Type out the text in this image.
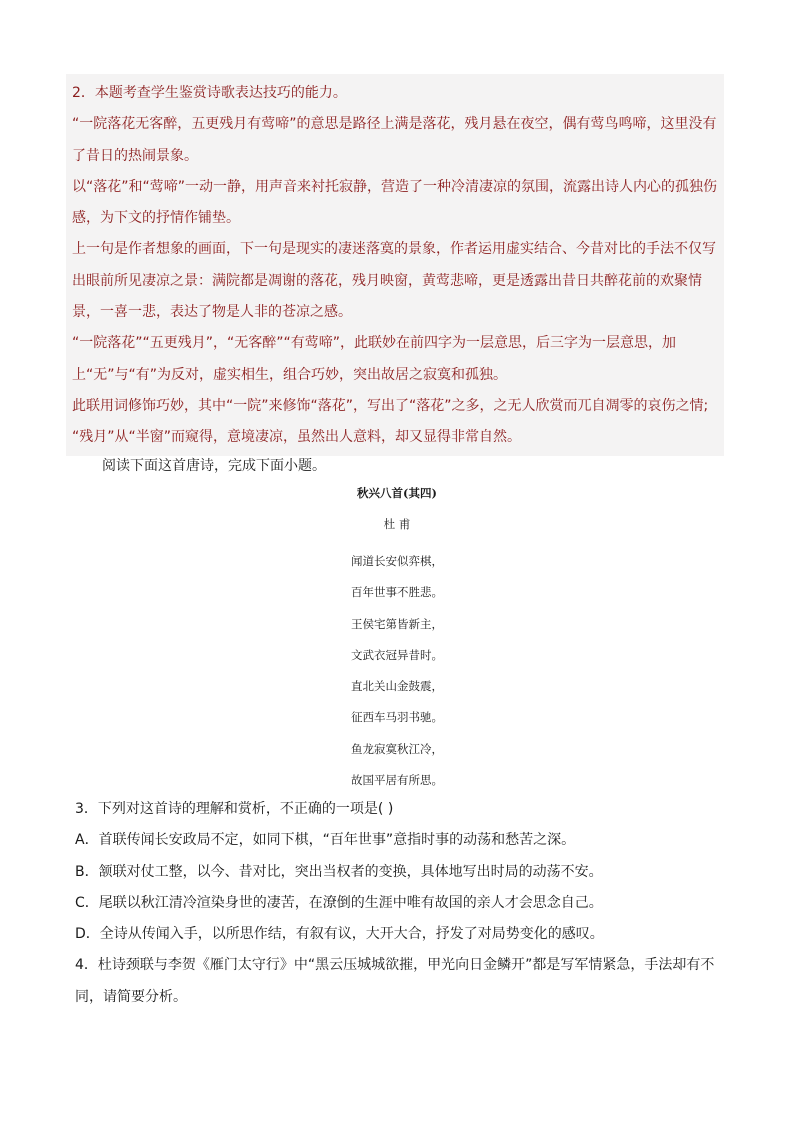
2．本题考查学生鉴赏诗歌表达技巧的能力。

“一院落花无客醉，五更残月有莺啼”的意思是路径上满是落花，残月悬在夜空，偶有莺鸟鸣啼，这里没有了昔日的热闹景象。

以“落花”和“莺啼”一动一静，用声音来衬托寂静，营造了一种冷清凄凉的氛围，流露出诗人内心的孤独伤感，为下文的抒情作铺垫。

上一句是作者想象的画面，下一句是现实的凄迷落寞的景象，作者运用虚实结合、今昔对比的手法不仅写出眼前所见凄凉之景：满院都是凋谢的落花，残月映窗，黄莺悲啼，更是透露出昔日共醉花前的欢聚情景，一喜一悲，表达了物是人非的苍凉之感。

“一院落花”“五更残月”，“无客醉”“有莺啼”，此联妙在前四字为一层意思，后三字为一层意思，加上“无”与“有”为反对，虚实相生，组合巧妙，突出故居之寂寞和孤独。

此联用词修饰巧妙，其中“一院”来修饰“落花”，写出了“落花”之多，之无人欣赏而兀自凋零的哀伤之情; “残月”从“半窗”而窥得，意境凄凉，虽然出人意料，却又显得非常自然。

阅读下面这首唐诗，完成下面小题。

秋兴八首(其四)

杜 甫

闻道长安似弈棋，

百年世事不胜悲。

王侯宅第皆新主，

文武衣冠异昔时。

直北关山金鼓震，

征西车马羽书驰。

鱼龙寂寞秋江冷，

故国平居有所思。

3．下列对这首诗的理解和赏析，不正确的一项是( )

A．首联传闻长安政局不定，如同下棋，“百年世事”意指时事的动荡和愁苦之深。

B．颔联对仗工整，以今、昔对比，突出当权者的变换，具体地写出时局的动荡不安。

C．尾联以秋江清冷渲染身世的凄苦，在潦倒的生涯中唯有故国的亲人才会思念自己。

D．全诗从传闻入手，以所思作结，有叙有议，大开大合，抒发了对局势变化的感叹。

4．杜诗颈联与李贺《雁门太守行》中“黑云压城城欲摧，甲光向日金鳞开”都是写军情紧急，手法却有不同，请简要分析。
